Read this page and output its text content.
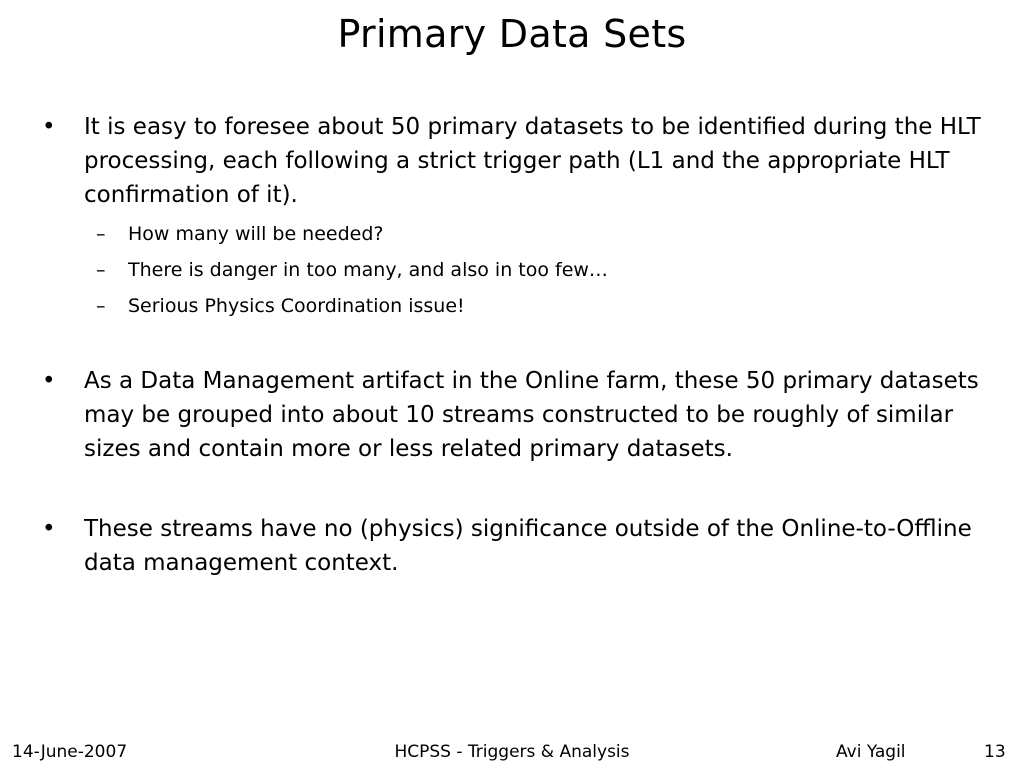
Primary Data Sets
• It is easy to foresee about 50 primary datasets to be identified during the HLT processing, each following a strict trigger path (L1 and the appropriate HLT confirmation of it).
– How many will be needed?
– There is danger in too many, and also in too few…
– Serious Physics Coordination issue!
• As a Data Management artifact in the Online farm, these 50 primary datasets may be grouped into about 10 streams constructed to be roughly of similar sizes and contain more or less related primary datasets.
• These streams have no (physics) significance outside of the Online-to-Offline data management context.
14-June-2007	HCPSS - Triggers & Analysis	Avi Yagil	13
